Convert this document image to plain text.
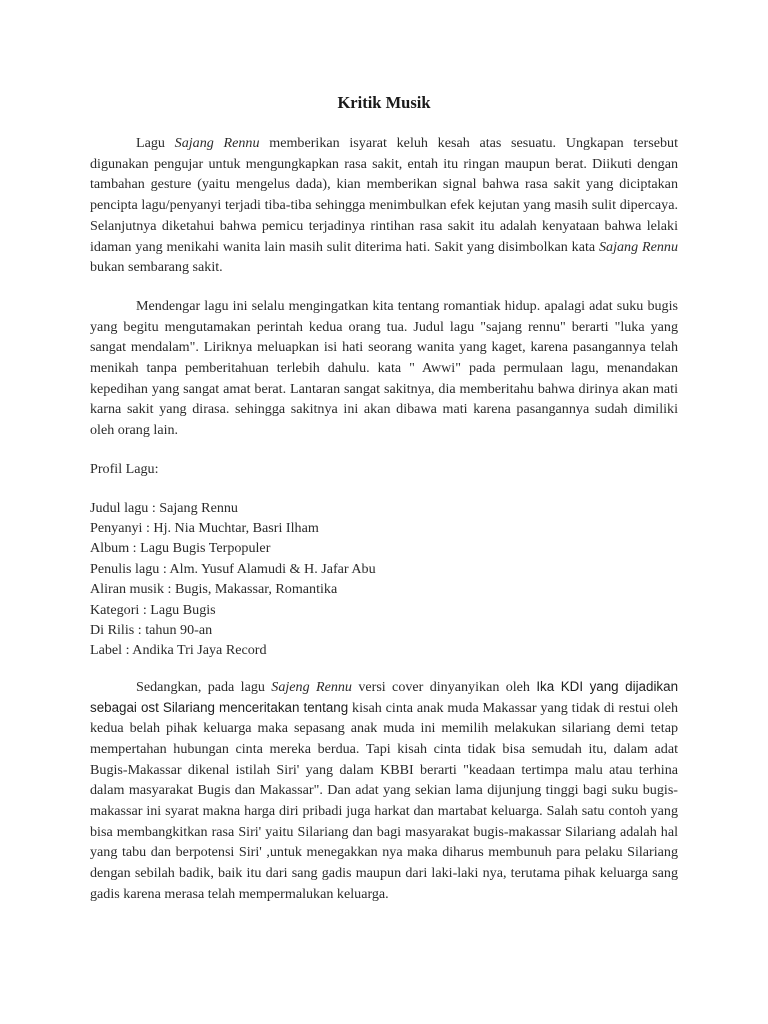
Kritik Musik

Lagu Sajang Rennu memberikan isyarat keluh kesah atas sesuatu. Ungkapan tersebut digunakan pengujar untuk mengungkapkan rasa sakit, entah itu ringan maupun berat. Diikuti dengan tambahan gesture (yaitu mengelus dada), kian memberikan signal bahwa rasa sakit yang diciptakan pencipta lagu/penyanyi terjadi tiba-tiba sehingga menimbulkan efek kejutan yang masih sulit dipercaya. Selanjutnya diketahui bahwa pemicu terjadinya rintihan rasa sakit itu adalah kenyataan bahwa lelaki idaman yang menikahi wanita lain masih sulit diterima hati. Sakit yang disimbolkan kata Sajang Rennu bukan sembarang sakit.

Mendengar lagu ini selalu mengingatkan kita tentang romantiak hidup. apalagi adat suku bugis yang begitu mengutamakan perintah kedua orang tua. Judul lagu "sajang rennu" berarti "luka yang sangat mendalam". Liriknya meluapkan isi hati seorang wanita yang kaget, karena pasangannya telah menikah tanpa pemberitahuan terlebih dahulu. kata " Awwi" pada permulaan lagu, menandakan kepedihan yang sangat amat berat. Lantaran sangat sakitnya, dia memberitahu bahwa dirinya akan mati karna sakit yang dirasa. sehingga sakitnya ini akan dibawa mati karena pasangannya sudah dimiliki oleh orang lain.

Profil Lagu:

Judul lagu : Sajang Rennu
Penyanyi : Hj. Nia Muchtar, Basri Ilham
Album : Lagu Bugis Terpopuler
Penulis lagu : Alm. Yusuf Alamudi & H. Jafar Abu
Aliran musik : Bugis, Makassar, Romantika
Kategori : Lagu Bugis
Di Rilis : tahun 90-an
Label : Andika Tri Jaya Record

Sedangkan, pada lagu Sajeng Rennu versi cover dinyanyikan oleh Ika KDI yang dijadikan sebagai ost Silariang menceritakan tentang kisah cinta anak muda Makassar yang tidak di restui oleh kedua belah pihak keluarga maka sepasang anak muda ini memilih melakukan silariang demi tetap mempertahan hubungan cinta mereka berdua. Tapi kisah cinta tidak bisa semudah itu, dalam adat Bugis-Makassar dikenal istilah Siri' yang dalam KBBI berarti "keadaan tertimpa malu atau terhina dalam masyarakat Bugis dan Makassar". Dan adat yang sekian lama dijunjung tinggi bagi suku bugis-makassar ini syarat makna harga diri pribadi juga harkat dan martabat keluarga. Salah satu contoh yang bisa membangkitkan rasa Siri' yaitu Silariang dan bagi masyarakat bugis-makassar Silariang adalah hal yang tabu dan berpotensi Siri' ,untuk menegakkan nya maka diharus membunuh para pelaku Silariang dengan sebilah badik, baik itu dari sang gadis maupun dari laki-laki nya, terutama pihak keluarga sang gadis karena merasa telah mempermalukan keluarga.
